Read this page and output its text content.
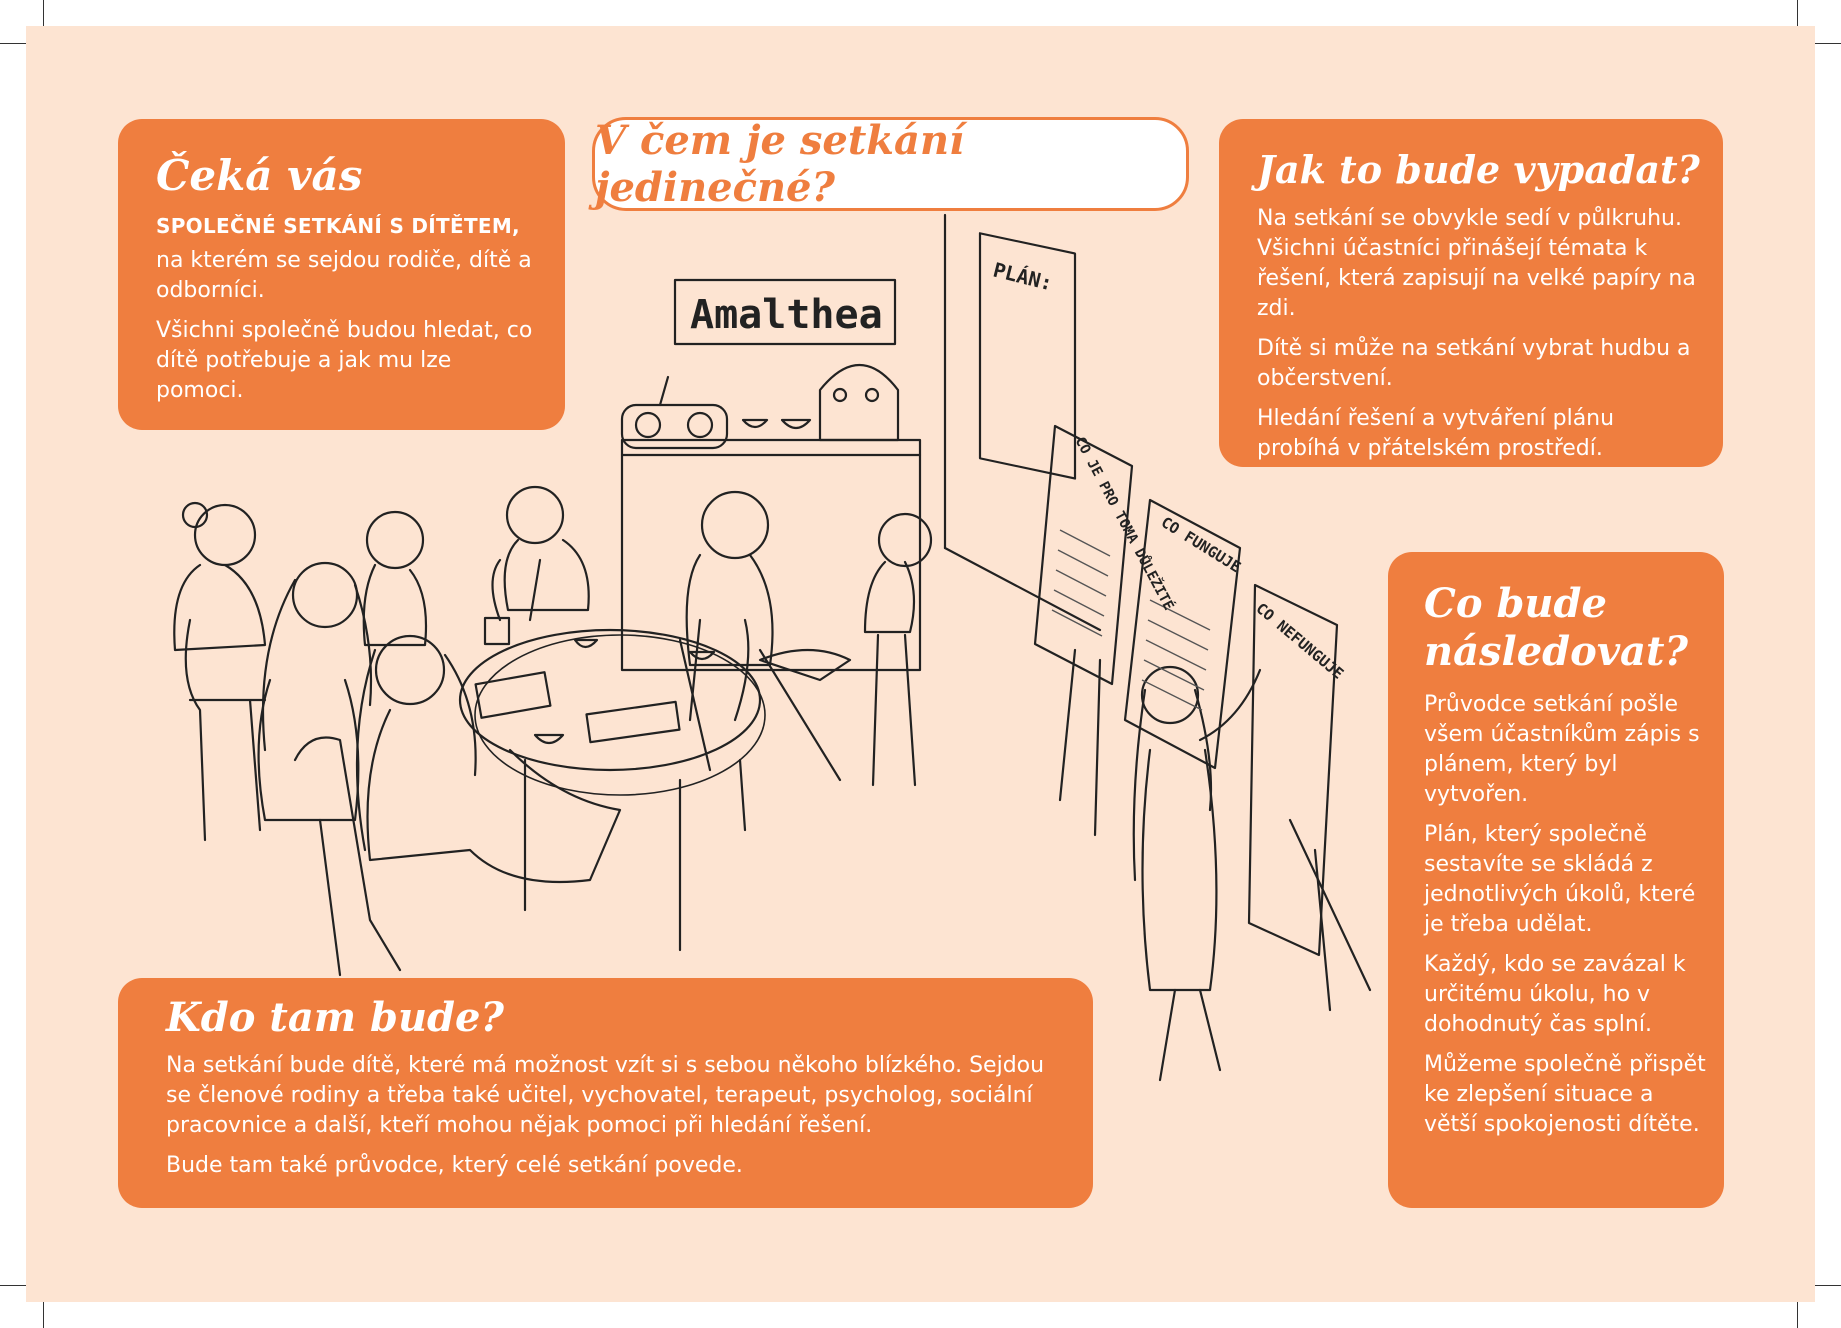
Amalthea
PLÁN:
CO JE PRO TOMA DŮLEŽITÉ
CO FUNGUJE
CO NEFUNGUJE
V čem je setkání jedinečné?
Čeká vás

SPOLEČNÉ SETKÁNÍ S DÍTĚTEM,

na kterém se sejdou rodiče, dítě a odborníci.

Všichni společně budou hledat, co dítě potřebuje a jak mu lze pomoci.

Jak to bude vypadat?

Na setkání se obvykle sedí v půlkruhu. Všichni účastníci přinášejí témata k řešení, která zapisují na velké papíry na zdi.

Dítě si může na setkání vybrat hudbu a občerstvení.

Hledání řešení a vytváření plánu probíhá v přátelském prostředí.

Co bude následovat?

Průvodce setkání pošle všem účastníkům zápis s plánem, který byl vytvořen.

Plán, který společně sestavíte se skládá z jednotlivých úkolů, které je třeba udělat.

Každý, kdo se zavázal k určitému úkolu, ho v dohodnutý čas splní.

Můžeme společně přispět ke zlepšení situace a větší spokojenosti dítěte.

Kdo tam bude?

Na setkání bude dítě, které má možnost vzít si s sebou někoho blízkého. Sejdou se členové rodiny a třeba také učitel, vychovatel, terapeut, psycholog, sociální pracovnice a další, kteří mohou nějak pomoci při hledání řešení.

Bude tam také průvodce, který celé setkání povede.
